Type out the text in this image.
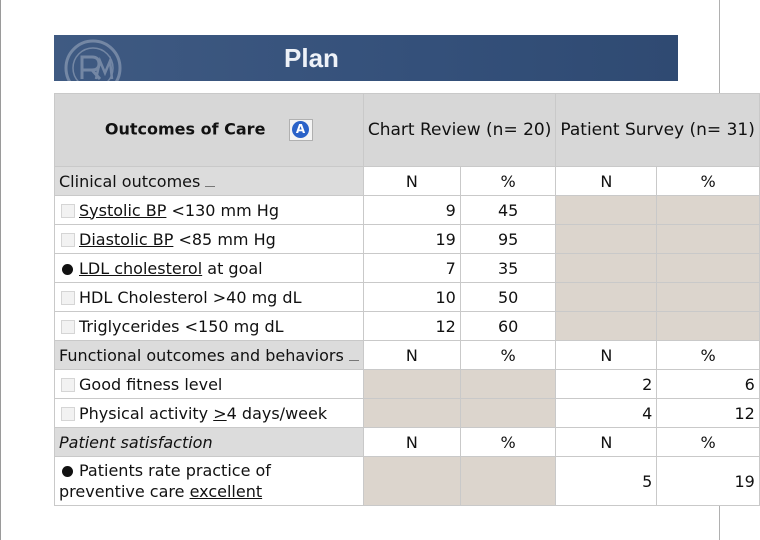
Plan
Outcomes of Care A	Chart Review (n= 20)		Patient Survey (n= 31)	
Clinical outcomes	N	%	N	%
Systolic BP <130 mm Hg	9	45		
Diastolic BP <85 mm Hg	19	95		
LDL cholesterol at goal	7	35		
HDL Cholesterol >40 mg dL	10	50		
Triglycerides <150 mg dL	12	60		
Functional outcomes and behaviors	N	%	N	%
Good fitness level			2	6
Physical activity >4 days/week			4	12
Patient satisfaction	N	%	N	%
Patients rate practice of preventive care excellent			5	19
